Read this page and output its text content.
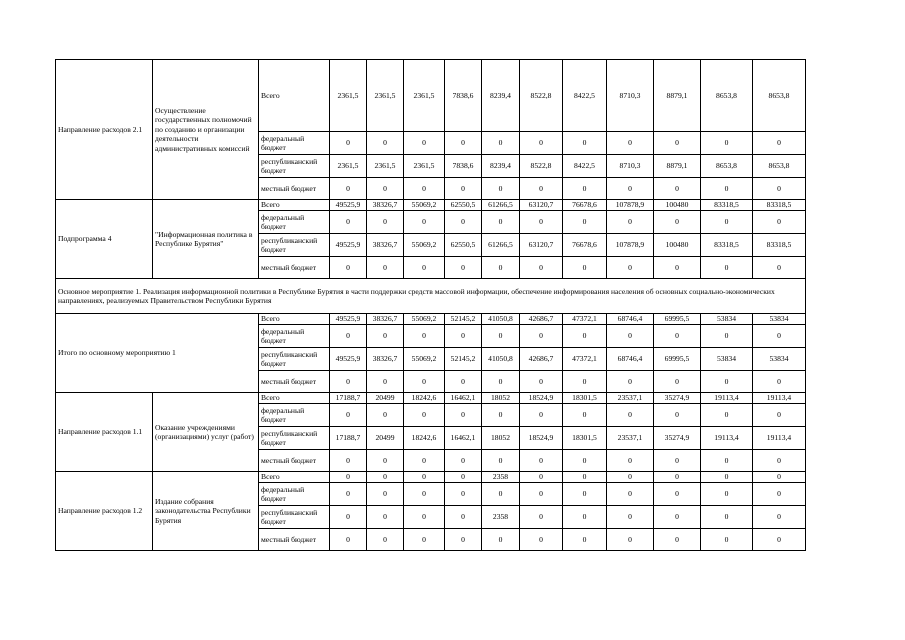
Направление расходов 2.1	Осуществление государственных полномочий по созданию и организации деятельности административных комиссий	Всего	2361,5	2361,5	2361,5	7838,6	8239,4	8522,8	8422,5	8710,3	8879,1	8653,8	8653,8
		федеральный бюджет	0	0	0	0	0	0	0	0	0	0	0
		республиканский бюджет	2361,5	2361,5	2361,5	7838,6	8239,4	8522,8	8422,5	8710,3	8879,1	8653,8	8653,8
		местный бюджет	0	0	0	0	0	0	0	0	0	0	0
Подпрограмма 4	"Информационная политика в Республике Бурятия"	Всего	49525,9	38326,7	55069,2	62550,5	61266,5	63120,7	76678,6	107878,9	100480	83318,5	83318,5
		федеральный бюджет	0	0	0	0	0	0	0	0	0	0	0
		республиканский бюджет	49525,9	38326,7	55069,2	62550,5	61266,5	63120,7	76678,6	107878,9	100480	83318,5	83318,5
		местный бюджет	0	0	0	0	0	0	0	0	0	0	0
Основное мероприятие 1. Реализация информационной политики в Республике Бурятия в части поддержки средств массовой информации, обеспечение информирования населения об основных социально-экономических направлениях, реализуемых Правительством Республики Бурятия													
Итого по основному мероприятию 1		Всего	49525,9	38326,7	55069,2	52145,2	41050,8	42686,7	47372,1	68746,4	69995,5	53834	53834
		федеральный бюджет	0	0	0	0	0	0	0	0	0	0	0
		республиканский бюджет	49525,9	38326,7	55069,2	52145,2	41050,8	42686,7	47372,1	68746,4	69995,5	53834	53834
		местный бюджет	0	0	0	0	0	0	0	0	0	0	0
Направление расходов 1.1	Оказание учреждениями (организациями) услуг (работ)	Всего	17188,7	20499	18242,6	16462,1	18052	18524,9	18301,5	23537,1	35274,9	19113,4	19113,4
		федеральный бюджет	0	0	0	0	0	0	0	0	0	0	0
		республиканский бюджет	17188,7	20499	18242,6	16462,1	18052	18524,9	18301,5	23537,1	35274,9	19113,4	19113,4
		местный бюджет	0	0	0	0	0	0	0	0	0	0	0
Направление расходов 1.2	Издание собрания законодательства Республики Бурятия	Всего	0	0	0	0	2358	0	0	0	0	0	0
		федеральный бюджет	0	0	0	0	0	0	0	0	0	0	0
		республиканский бюджет	0	0	0	0	2358	0	0	0	0	0	0
		местный бюджет	0	0	0	0	0	0	0	0	0	0	0
